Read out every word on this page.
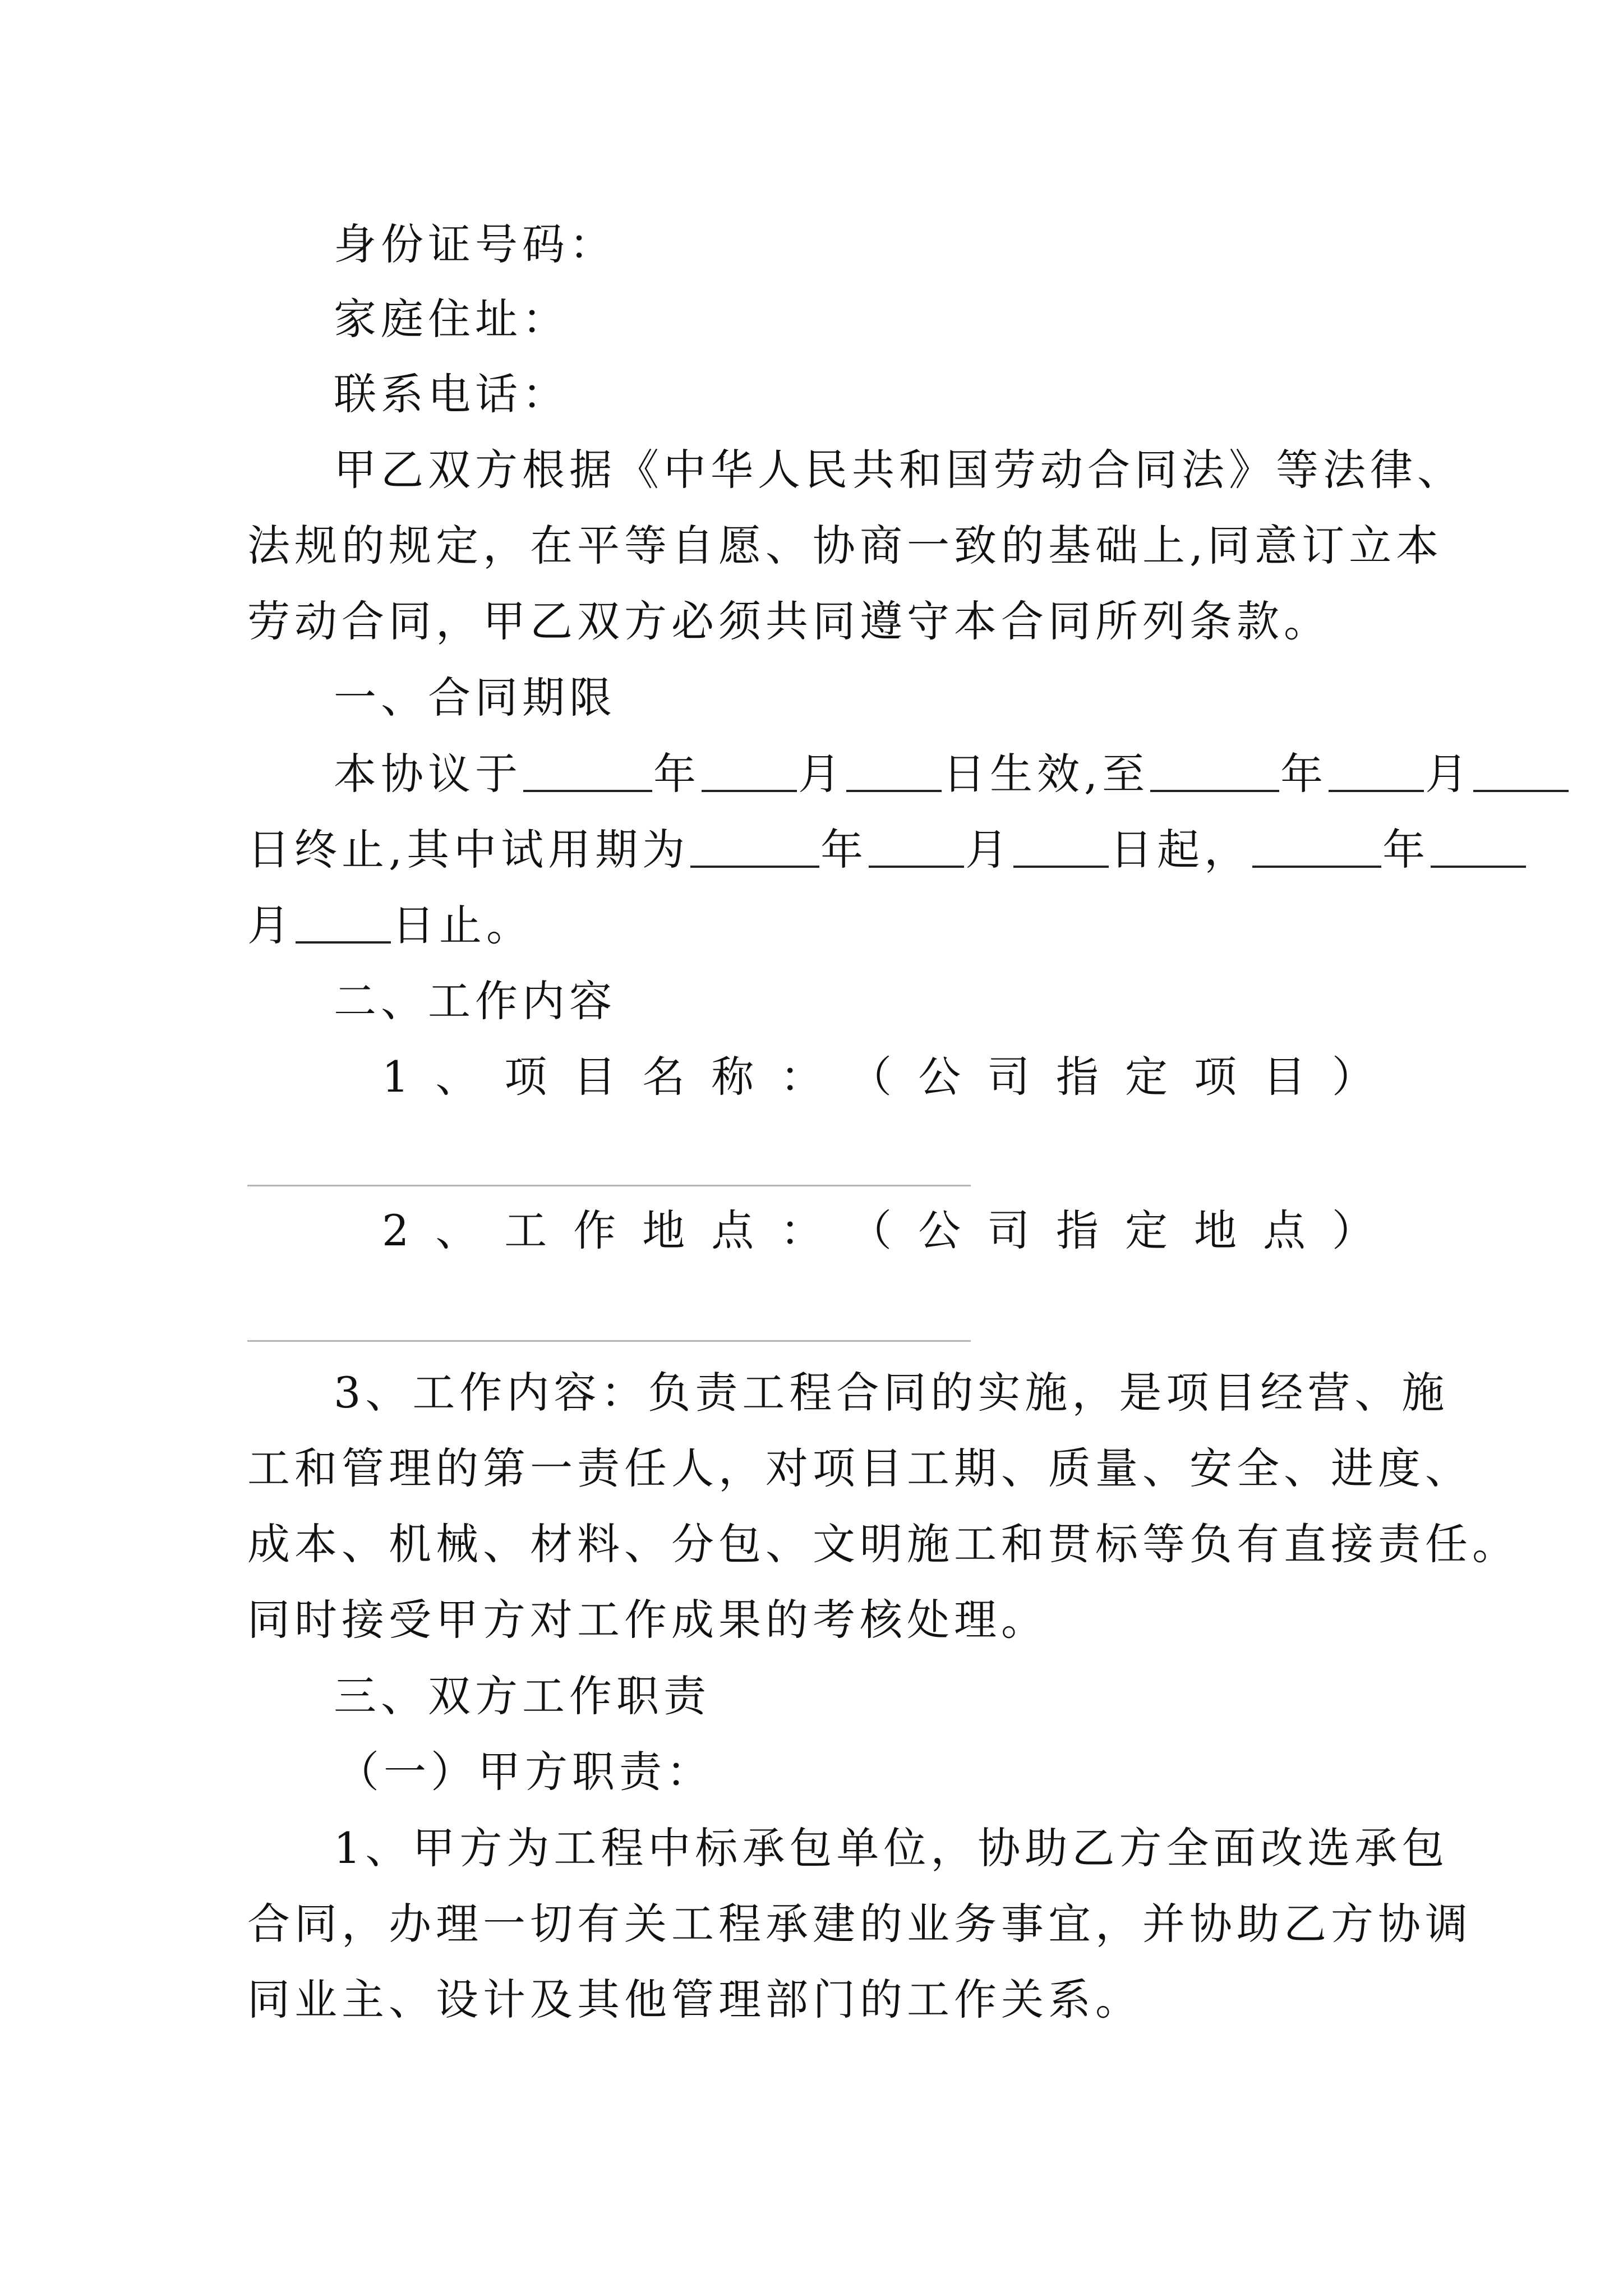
身份证号码：
家庭住址：
联系电话：
甲乙双方根据《中华人民共和国劳动合同法》等法律、
法规的规定，在平等自愿、协商一致的基础上,同意订立本
劳动合同，甲乙双方必须共同遵守本合同所列条款。
一、合同期限
本协议于	年 月 日生效,至	年 月
日终止,其中试用期为	年 月 日起，	年
月 日止。
二、工作内容
1 、 项 目 名 称 ： （ 公 司 指 定 项 目 ）
2 、 工 作 地 点 ： （ 公 司 指 定 地 点 ）
3、工作内容：负责工程合同的实施，是项目经营、施
工和管理的第一责任人，对项目工期、质量、安全、进度、
成本、机械、材料、分包、文明施工和贯标等负有直接责任。
同时接受甲方对工作成果的考核处理。
三、双方工作职责
（一）甲方职责：
1、甲方为工程中标承包单位，协助乙方全面改选承包
合同，办理一切有关工程承建的业务事宜，并协助乙方协调
同业主、设计及其他管理部门的工作关系。
